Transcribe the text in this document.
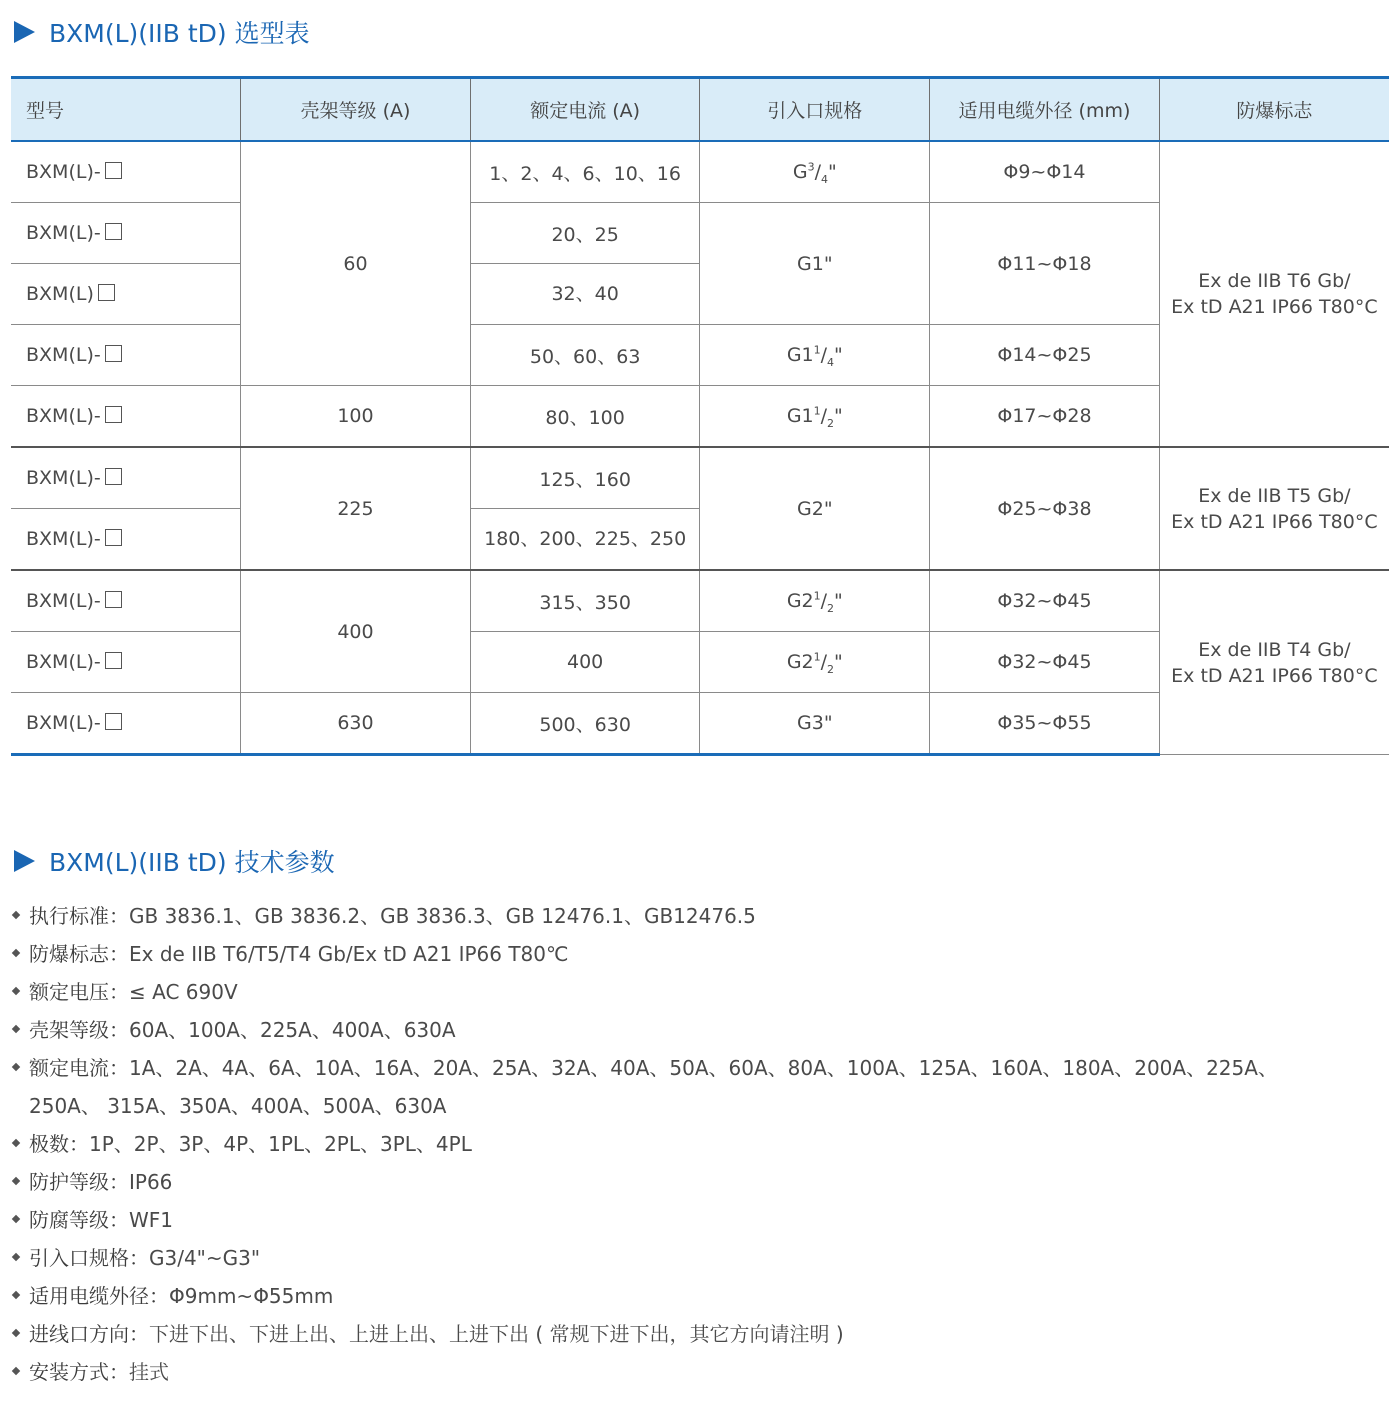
BXM(L)(IIB tD) 选型表
型号	壳架等级 (A)	额定电流 (A)	引入口规格	适用电缆外径 (mm)	防爆标志
BXM(L)-	60	1、2、4、6、10、16	$G^3/_4$"	Φ9~Φ14	Ex de IIB T6 Gb/
Ex tD A21 IP66 T80°C
BXM(L)-		20、25	G1"	Φ11~Φ18	
BXM(L)		32、40			
BXM(L)-		50、60、63	$G1^1/_4$"	Φ14~Φ25	
BXM(L)-	100	80、100	$G1^1/_2$"	Φ17~Φ28	
BXM(L)-	225	125、160	G2"	Φ25~Φ38	Ex de IIB T5 Gb/
Ex tD A21 IP66 T80°C
BXM(L)-		180、200、225、250			
BXM(L)-	400	315、350	$G2^1/_2$"	Φ32~Φ45	Ex de IIB T4 Gb/
Ex tD A21 IP66 T80°C
BXM(L)-		400	$G2^1/_2$"	Φ32~Φ45	
BXM(L)-	630	500、630	G3"	Φ35~Φ55	
BXM(L)(IIB tD) 技术参数
执行标准：GB 3836.1、GB 3836.2、GB 3836.3、GB 12476.1、GB12476.5
防爆标志：Ex de IIB T6/T5/T4 Gb/Ex tD A21 IP66 T80℃
额定电压：≤ AC 690V
壳架等级：60A、100A、225A、400A、630A
额定电流：1A、2A、4A、6A、10A、16A、20A、25A、32A、40A、50A、60A、80A、100A、125A、160A、180A、200A、225A、250A、 315A、350A、400A、500A、630A
极数：1P、2P、3P、4P、1PL、2PL、3PL、4PL
防护等级：IP66
防腐等级：WF1
引入口规格：G3/4"~G3"
适用电缆外径：Φ9mm~Φ55mm
进线口方向：下进下出、下进上出、上进上出、上进下出 ( 常规下进下出，其它方向请注明 )
安装方式：挂式
